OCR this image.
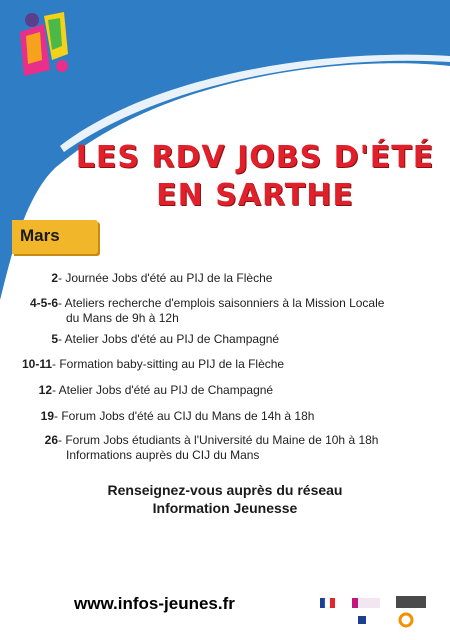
LES RDV JOBS D'ÉTÉ
EN SARTHE
Mars
2 - Journée Jobs d'été au PIJ de la Flèche
4-5-6 - Ateliers recherche d'emplois saisonniers à la Mission Locale
du Mans de 9h à 12h
5 - Atelier Jobs d'été au PIJ de Champagné
10-11 - Formation baby-sitting au PIJ de la Flèche
12 - Atelier Jobs d'été au PIJ de Champagné
19 - Forum Jobs d'été au CIJ du Mans de 14h à 18h
26 - Forum Jobs étudiants à l'Université du Maine de 10h à 18h
Informations auprès du CIJ du Mans
Renseignez-vous auprès du réseau
Information Jeunesse
www.infos-jeunes.fr
